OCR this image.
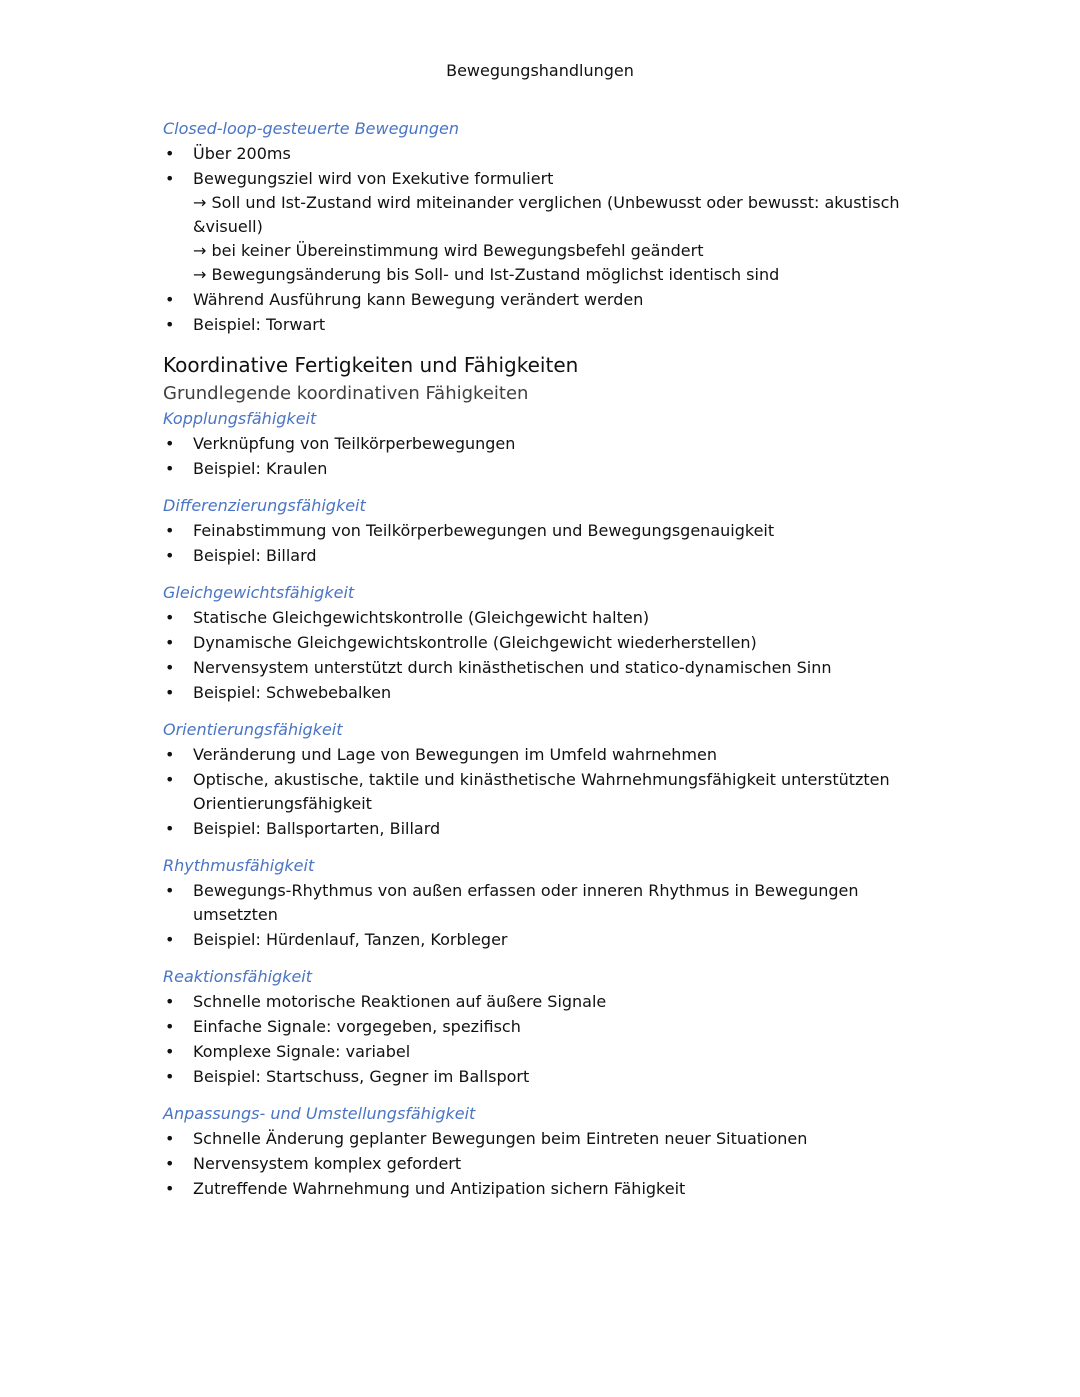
Bewegungshandlungen

Closed-loop-gesteuerte Bewegungen

• Über 200ms
• Bewegungsziel wird von Exekutive formuliert
→ Soll und Ist-Zustand wird miteinander verglichen (Unbewusst oder bewusst: akustisch &visuell)
→ bei keiner Übereinstimmung wird Bewegungsbefehl geändert
→ Bewegungsänderung bis Soll- und Ist-Zustand möglichst identisch sind
• Während Ausführung kann Bewegung verändert werden
• Beispiel: Torwart
Koordinative Fertigkeiten und Fähigkeiten
Grundlegende koordinativen Fähigkeiten

Kopplungsfähigkeit

• Verknüpfung von Teilkörperbewegungen
• Beispiel: Kraulen

Differenzierungsfähigkeit

• Feinabstimmung von Teilkörperbewegungen und Bewegungsgenauigkeit
• Beispiel: Billard

Gleichgewichtsfähigkeit

• Statische Gleichgewichtskontrolle (Gleichgewicht halten)
• Dynamische Gleichgewichtskontrolle (Gleichgewicht wiederherstellen)
• Nervensystem unterstützt durch kinästhetischen und statico-dynamischen Sinn
• Beispiel: Schwebebalken

Orientierungsfähigkeit

• Veränderung und Lage von Bewegungen im Umfeld wahrnehmen
• Optische, akustische, taktile und kinästhetische Wahrnehmungsfähigkeit unterstützten Orientierungsfähigkeit
• Beispiel: Ballsportarten, Billard

Rhythmusfähigkeit

• Bewegungs-Rhythmus von außen erfassen oder inneren Rhythmus in Bewegungen umsetzten
• Beispiel: Hürdenlauf, Tanzen, Korbleger

Reaktionsfähigkeit

• Schnelle motorische Reaktionen auf äußere Signale
• Einfache Signale: vorgegeben, spezifisch
• Komplexe Signale: variabel
• Beispiel: Startschuss, Gegner im Ballsport

Anpassungs- und Umstellungsfähigkeit

• Schnelle Änderung geplanter Bewegungen beim Eintreten neuer Situationen
• Nervensystem komplex gefordert
• Zutreffende Wahrnehmung und Antizipation sichern Fähigkeit
